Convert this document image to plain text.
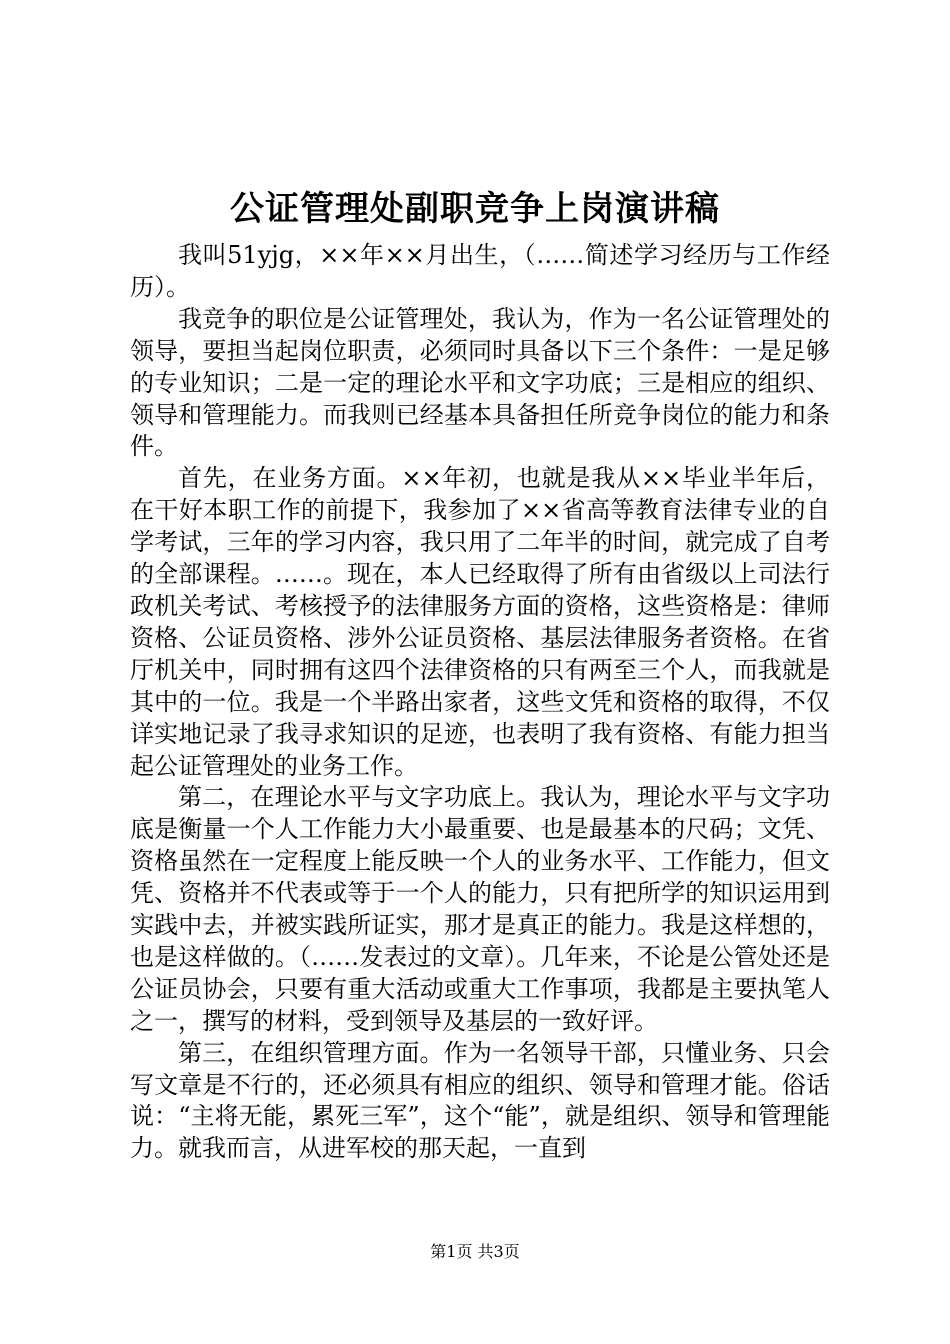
公证管理处副职竞争上岗演讲稿

我叫51yjg，××年××月出生，（……简述学习经历与工作经历）。

我竞争的职位是公证管理处，我认为，作为一名公证管理处的领导，要担当起岗位职责，必须同时具备以下三个条件：一是足够的专业知识；二是一定的理论水平和文字功底；三是相应的组织、领导和管理能力。而我则已经基本具备担任所竞争岗位的能力和条件。

首先，在业务方面。××年初，也就是我从××毕业半年后，在干好本职工作的前提下，我参加了××省高等教育法律专业的自学考试，三年的学习内容，我只用了二年半的时间，就完成了自考的全部课程。……。现在，本人已经取得了所有由省级以上司法行政机关考试、考核授予的法律服务方面的资格，这些资格是：律师资格、公证员资格、涉外公证员资格、基层法律服务者资格。在省厅机关中，同时拥有这四个法律资格的只有两至三个人，而我就是其中的一位。我是一个半路出家者，这些文凭和资格的取得，不仅详实地记录了我寻求知识的足迹，也表明了我有资格、有能力担当起公证管理处的业务工作。

第二，在理论水平与文字功底上。我认为，理论水平与文字功底是衡量一个人工作能力大小最重要、也是最基本的尺码；文凭、资格虽然在一定程度上能反映一个人的业务水平、工作能力，但文凭、资格并不代表或等于一个人的能力，只有把所学的知识运用到实践中去，并被实践所证实，那才是真正的能力。我是这样想的，也是这样做的。（……发表过的文章）。几年来，不论是公管处还是公证员协会，只要有重大活动或重大工作事项，我都是主要执笔人之一，撰写的材料，受到领导及基层的一致好评。

第三，在组织管理方面。作为一名领导干部，只懂业务、只会写文章是不行的，还必须具有相应的组织、领导和管理才能。俗话说：“主将无能，累死三军”，这个“能”，就是组织、领导和管理能力。就我而言，从进军校的那天起，一直到

第1页 共3页
